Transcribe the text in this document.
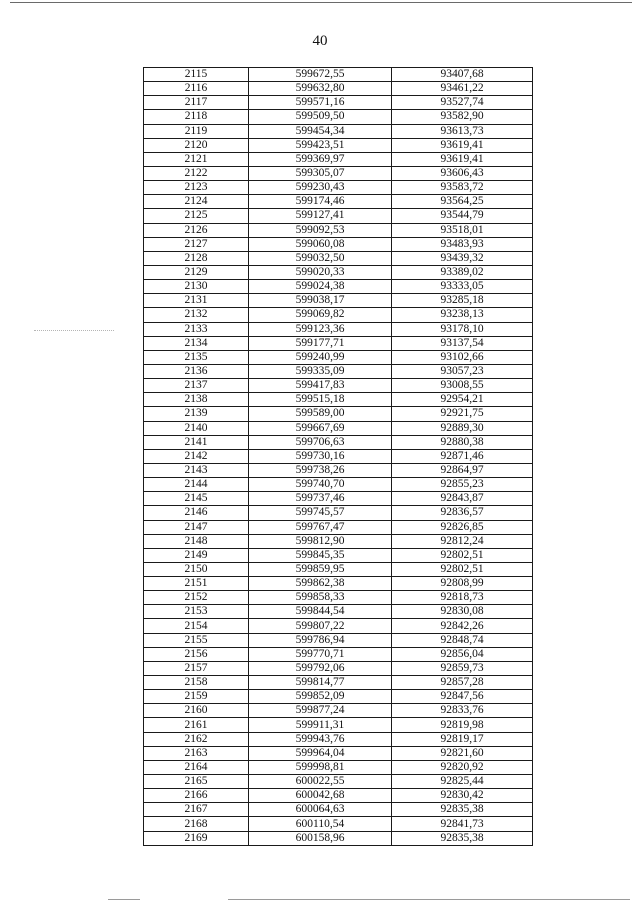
40
2115	599672,55	93407,68
2116	599632,80	93461,22
2117	599571,16	93527,74
2118	599509,50	93582,90
2119	599454,34	93613,73
2120	599423,51	93619,41
2121	599369,97	93619,41
2122	599305,07	93606,43
2123	599230,43	93583,72
2124	599174,46	93564,25
2125	599127,41	93544,79
2126	599092,53	93518,01
2127	599060,08	93483,93
2128	599032,50	93439,32
2129	599020,33	93389,02
2130	599024,38	93333,05
2131	599038,17	93285,18
2132	599069,82	93238,13
2133	599123,36	93178,10
2134	599177,71	93137,54
2135	599240,99	93102,66
2136	599335,09	93057,23
2137	599417,83	93008,55
2138	599515,18	92954,21
2139	599589,00	92921,75
2140	599667,69	92889,30
2141	599706,63	92880,38
2142	599730,16	92871,46
2143	599738,26	92864,97
2144	599740,70	92855,23
2145	599737,46	92843,87
2146	599745,57	92836,57
2147	599767,47	92826,85
2148	599812,90	92812,24
2149	599845,35	92802,51
2150	599859,95	92802,51
2151	599862,38	92808,99
2152	599858,33	92818,73
2153	599844,54	92830,08
2154	599807,22	92842,26
2155	599786,94	92848,74
2156	599770,71	92856,04
2157	599792,06	92859,73
2158	599814,77	92857,28
2159	599852,09	92847,56
2160	599877,24	92833,76
2161	599911,31	92819,98
2162	599943,76	92819,17
2163	599964,04	92821,60
2164	599998,81	92820,92
2165	600022,55	92825,44
2166	600042,68	92830,42
2167	600064,63	92835,38
2168	600110,54	92841,73
2169	600158,96	92835,38
